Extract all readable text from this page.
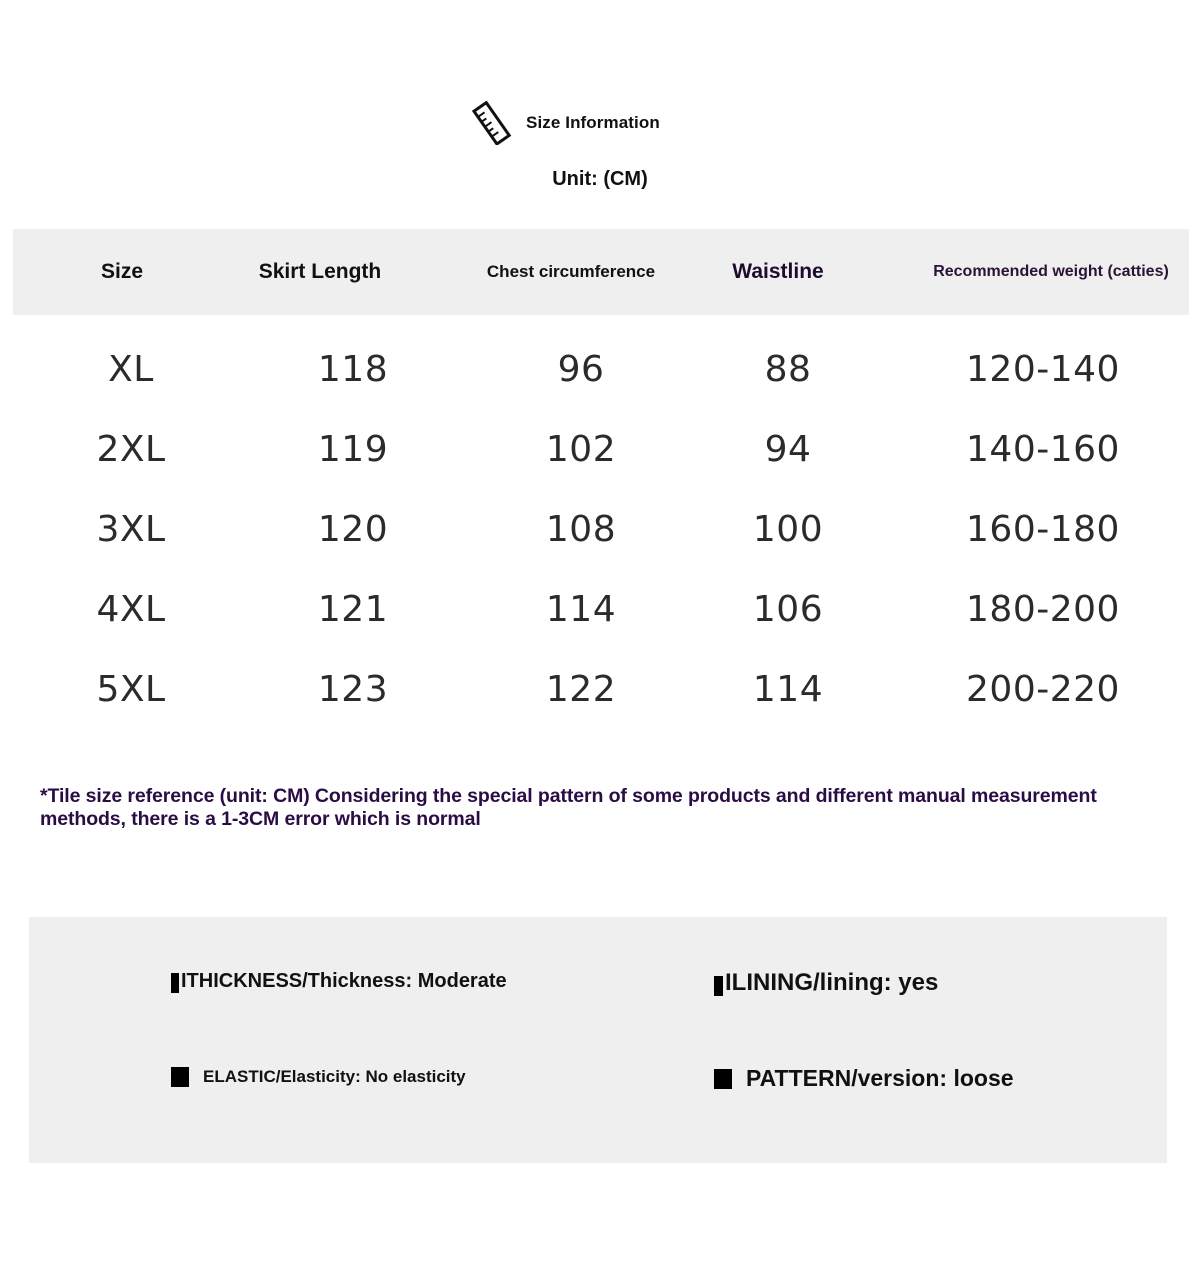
Size Information
Unit: (CM)
Size	Skirt Length	Chest circumference	Waistline	Recommended weight (catties)
XL	118	96	88	120-140
2XL	119	102	94	140-160
3XL	120	108	100	160-180
4XL	121	114	106	180-200
5XL	123	122	114	200-220
*Tile size reference (unit: CM) Considering the special pattern of some products and different manual measurement methods, there is a 1-3CM error which is normal
ITHICKNESS/Thickness: Moderate	ILINING/lining: yes
ELASTIC/Elasticity: No elasticity	PATTERN/version: loose
